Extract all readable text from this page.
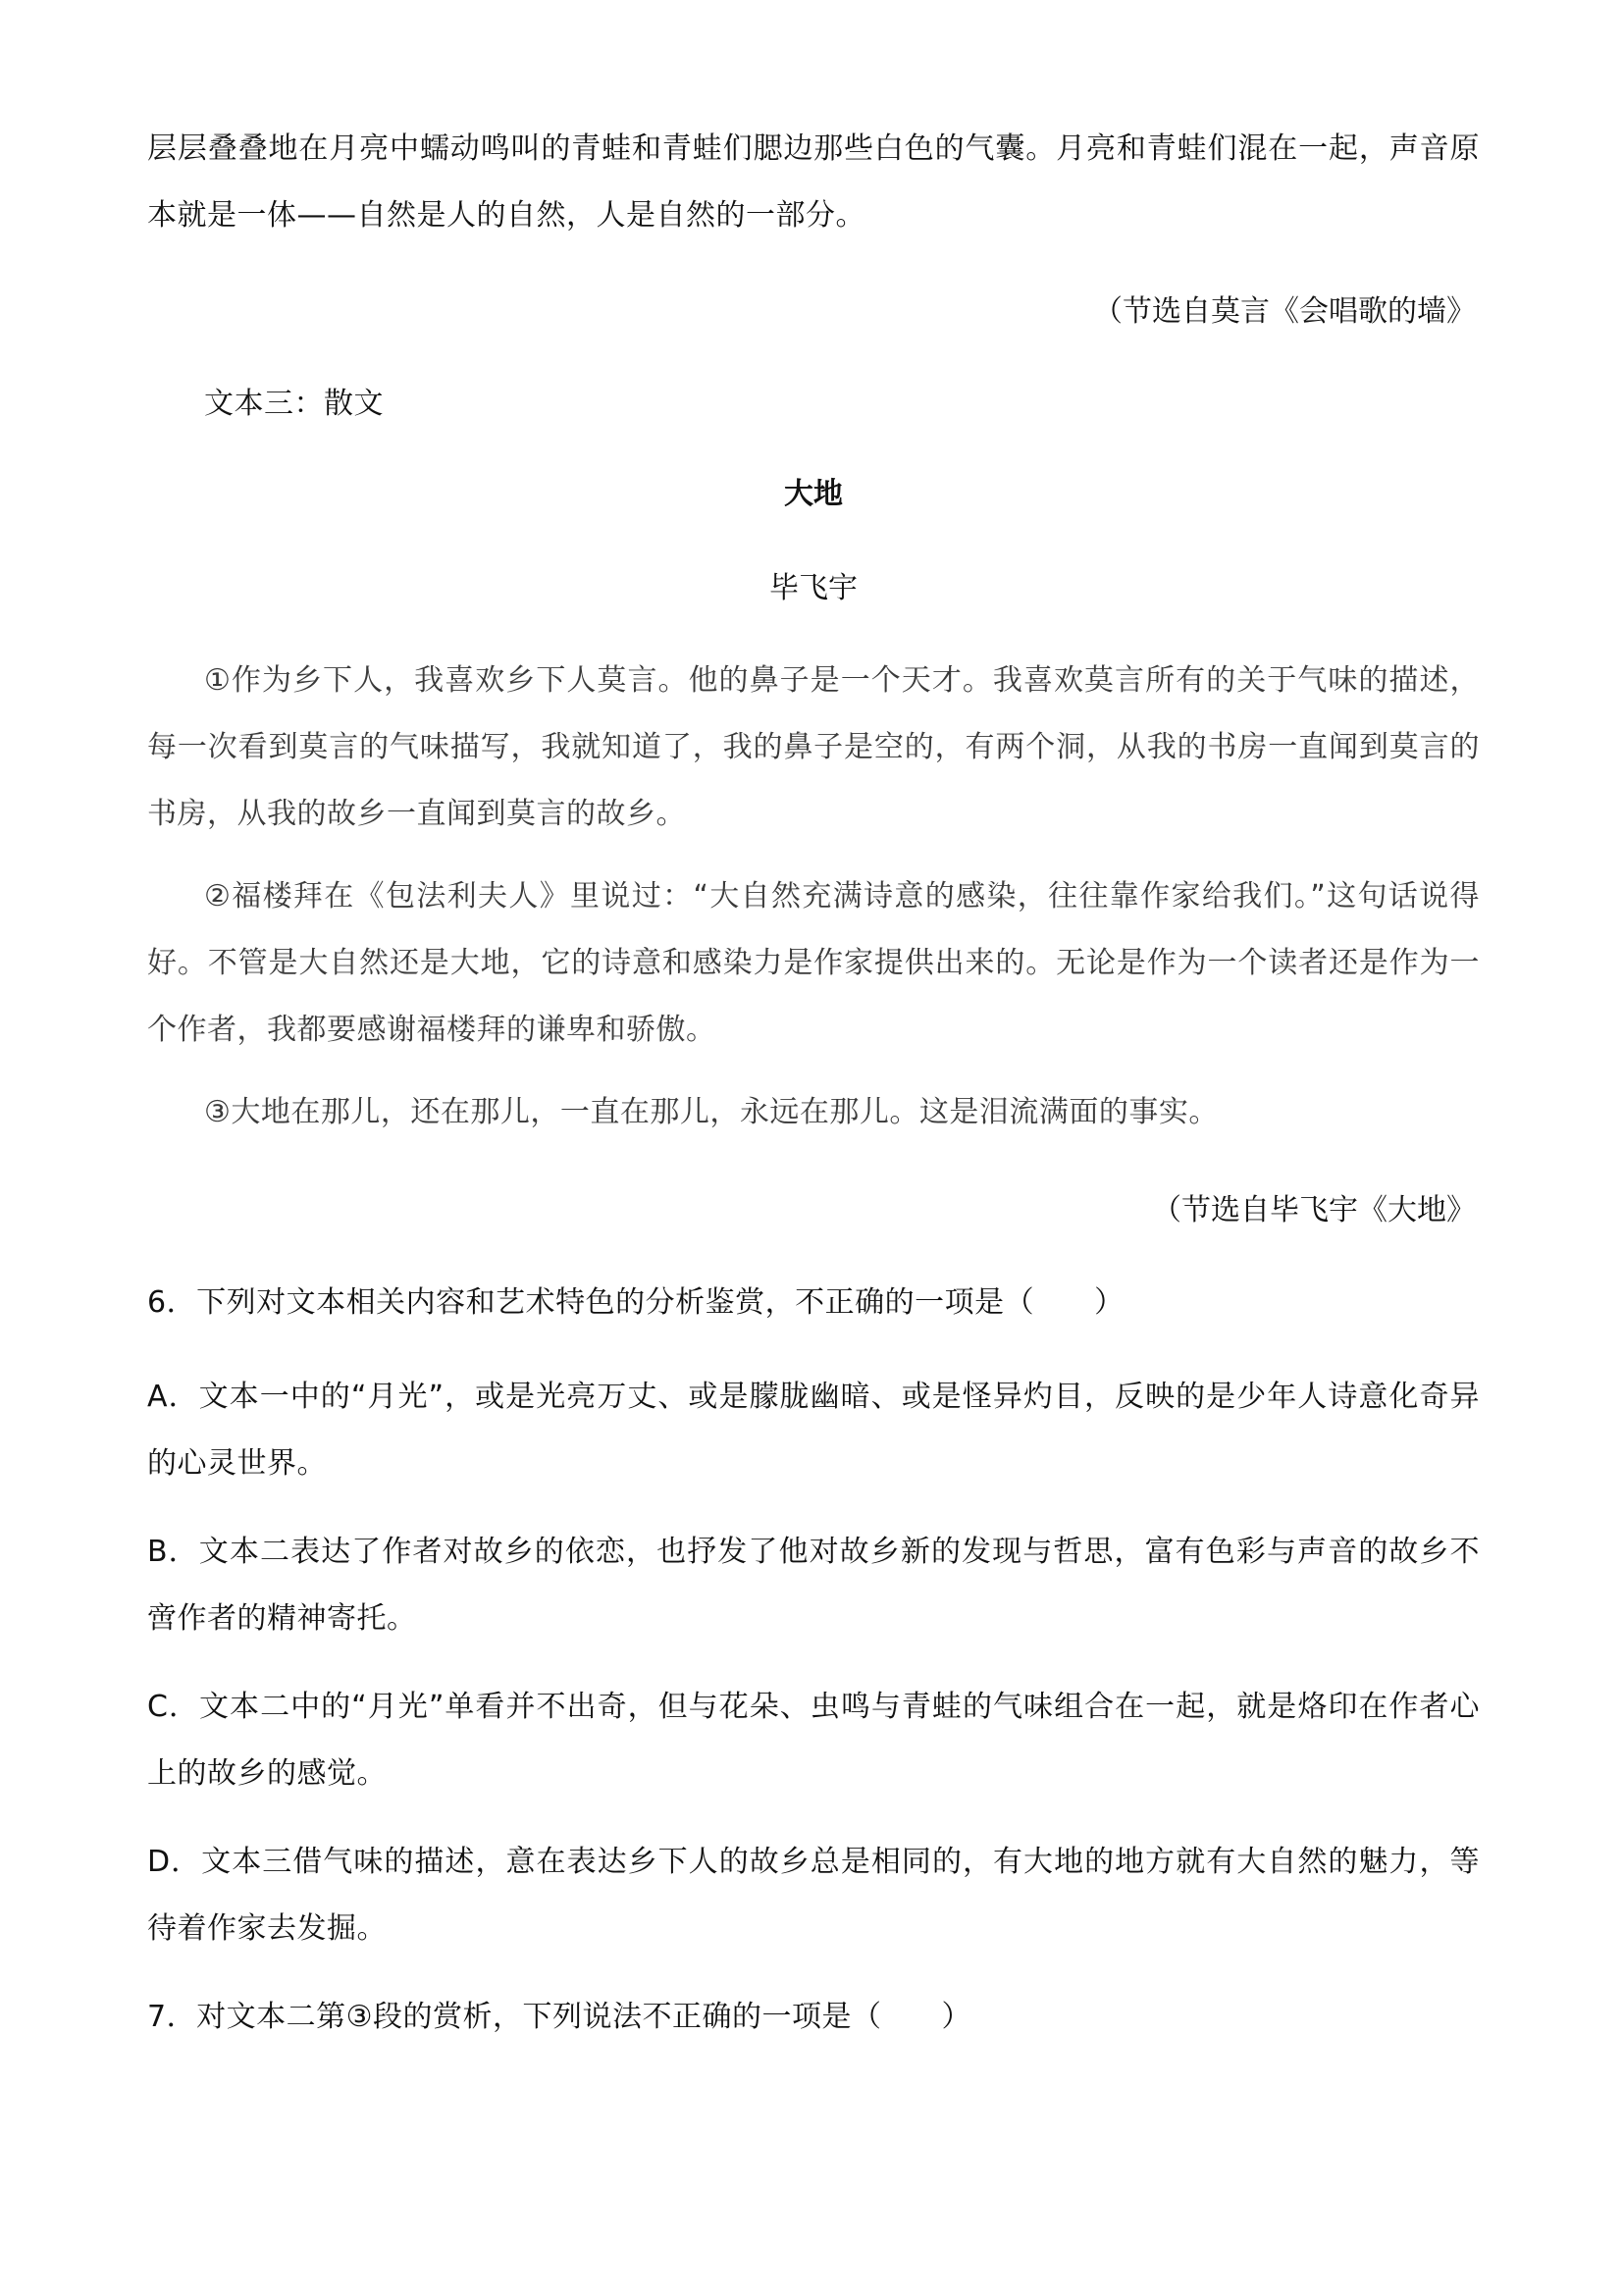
层层叠叠地在月亮中蠕动鸣叫的青蛙和青蛙们腮边那些白色的气囊。月亮和青蛙们混在一起，声音原本就是一体——自然是人的自然，人是自然的一部分。

（节选自莫言《会唱歌的墙》

文本三：散文

大地

毕飞宇

①作为乡下人，我喜欢乡下人莫言。他的鼻子是一个天才。我喜欢莫言所有的关于气味的描述，每一次看到莫言的气味描写，我就知道了，我的鼻子是空的，有两个洞，从我的书房一直闻到莫言的书房，从我的故乡一直闻到莫言的故乡。

②福楼拜在《包法利夫人》里说过：“大自然充满诗意的感染，往往靠作家给我们。”这句话说得好。不管是大自然还是大地，它的诗意和感染力是作家提供出来的。无论是作为一个读者还是作为一个作者，我都要感谢福楼拜的谦卑和骄傲。

③大地在那儿，还在那儿，一直在那儿，永远在那儿。这是泪流满面的事实。

（节选自毕飞宇《大地》

6．下列对文本相关内容和艺术特色的分析鉴赏，不正确的一项是（　　）

A．文本一中的“月光”，或是光亮万丈、或是朦胧幽暗、或是怪异灼目，反映的是少年人诗意化奇异的心灵世界。

B．文本二表达了作者对故乡的依恋，也抒发了他对故乡新的发现与哲思，富有色彩与声音的故乡不啻作者的精神寄托。

C．文本二中的“月光”单看并不出奇，但与花朵、虫鸣与青蛙的气味组合在一起，就是烙印在作者心上的故乡的感觉。

D．文本三借气味的描述，意在表达乡下人的故乡总是相同的，有大地的地方就有大自然的魅力，等待着作家去发掘。

7．对文本二第③段的赏析，下列说法不正确的一项是（　　）
